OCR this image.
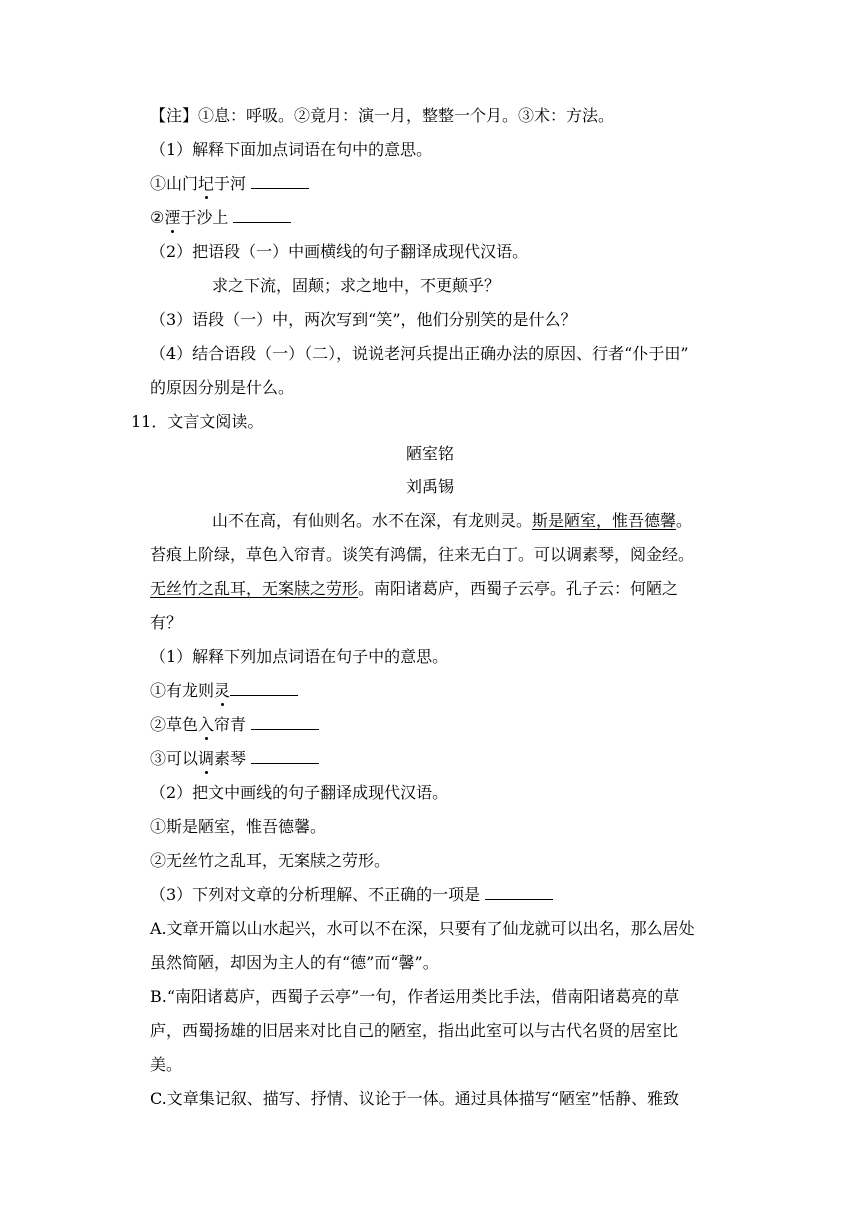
【注】①息：呼吸。②竟月：演一月，整整一个月。③术：方法。
（1）解释下面加点词语在句中的意思。
①山门圮于河
②湮于沙上
（2）把语段（一）中画横线的句子翻译成现代汉语。
求之下流，固颠；求之地中，不更颠乎？
（3）语段（一）中，两次写到“笑”，他们分别笑的是什么？
（4）结合语段（一）（二），说说老河兵提出正确办法的原因、行者“仆于田”
的原因分别是什么。
11．文言文阅读。
陋室铭
刘禹锡
山不在高，有仙则名。水不在深，有龙则灵。斯是陋室，惟吾德馨。
苔痕上阶绿，草色入帘青。谈笑有鸿儒，往来无白丁。可以调素琴，阅金经。
无丝竹之乱耳，无案牍之劳形。南阳诸葛庐，西蜀子云亭。孔子云：何陋之
有？
（1）解释下列加点词语在句子中的意思。
①有龙则灵
②草色入帘青
③可以调素琴
（2）把文中画线的句子翻译成现代汉语。
①斯是陋室，惟吾德馨。
②无丝竹之乱耳，无案牍之劳形。
（3）下列对文章的分析理解、不正确的一项是
A.文章开篇以山水起兴，水可以不在深，只要有了仙龙就可以出名，那么居处
虽然简陋，却因为主人的有“德”而“馨”。
B.“南阳诸葛庐，西蜀子云亭”一句，作者运用类比手法，借南阳诸葛亮的草
庐，西蜀扬雄的旧居来对比自己的陋室，指出此室可以与古代名贤的居室比
美。
C.文章集记叙、描写、抒情、议论于一体。通过具体描写“陋室”恬静、雅致
